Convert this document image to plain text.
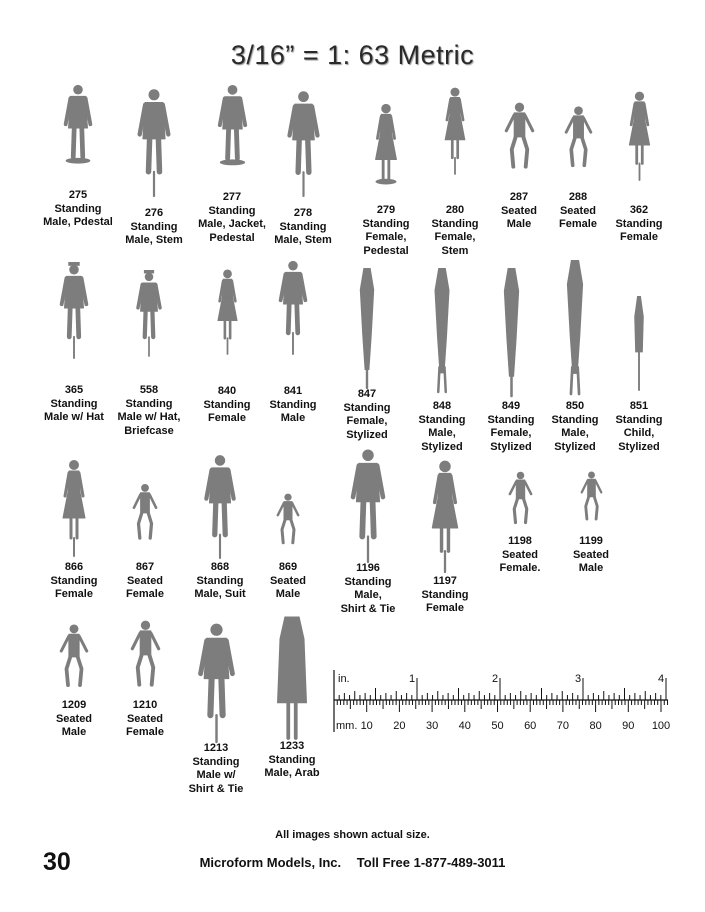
3/16” = 1: 63 Metric
275
Standing
Male, Pdestal
276
Standing
Male, Stem
277
Standing
Male, Jacket,
Pedestal
278
Standing
Male, Stem
279
Standing
Female,
Pedestal
280
Standing
Female,
Stem
287
Seated
Male
288
Seated
Female
362
Standing
Female
365
Standing
Male w/ Hat
558
Standing
Male w/ Hat,
Briefcase
840
Standing
Female
841
Standing
Male
847
Standing
Female,
Stylized
848
Standing
Male,
Stylized
849
Standing
Female,
Stylized
850
Standing
Male,
Stylized
851
Standing
Child,
Stylized
866
Standing
Female
867
Seated
Female
868
Standing
Male, Suit
869
Seated
Male
1196
Standing
Male,
Shirt & Tie
1197
Standing
Female
1198
Seated
Female.
1199
Seated
Male
1209
Seated
Male
1210
Seated
Female
1213
Standing
Male w/
Shirt & Tie
1233
Standing
Male, Arab
in.	1	2	3	4
mm. 10 20 30 40 50 60 70 80 90 100
All images shown actual size.
30	Microform Models, Inc. Toll Free 1-877-489-3011
